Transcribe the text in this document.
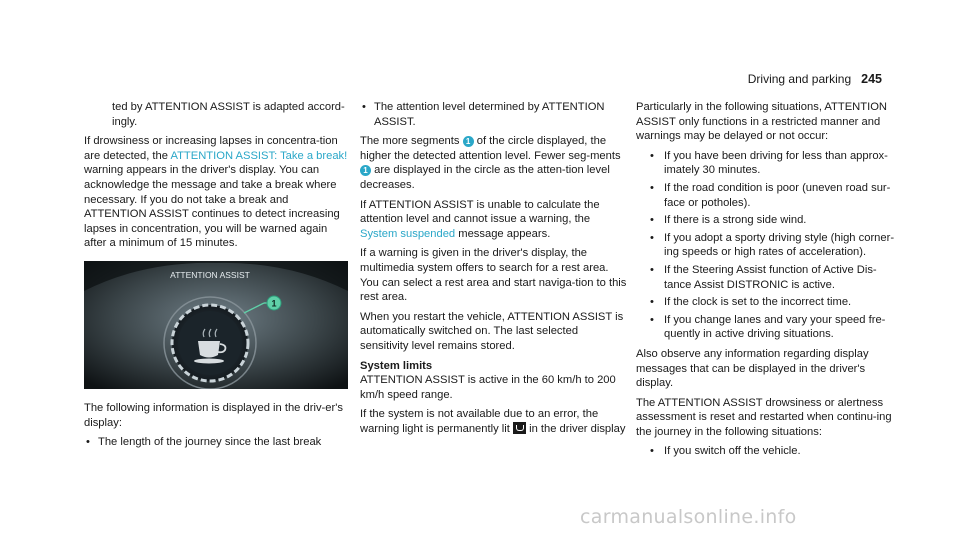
Driving and parking 245

ted by ATTENTION ASSIST is adapted accord-ingly.

If drowsiness or increasing lapses in concentra-tion are detected, the ATTENTION ASSIST: Take a break! warning appears in the driver's display. You can acknowledge the message and take a break where necessary. If you do not take a break and ATTENTION ASSIST continues to detect increasing lapses in concentration, you will be warned again after a minimum of 15 minutes.

ATTENTION ASSIST
1

The following information is displayed in the driv-er's display:

• The length of the journey since the last break
• The attention level determined by ATTENTION ASSIST.

The more segments 1 of the circle displayed, the higher the detected attention level. Fewer seg-ments 1 are displayed in the circle as the atten-tion level decreases.

If ATTENTION ASSIST is unable to calculate the attention level and cannot issue a warning, the System suspended message appears.

If a warning is given in the driver's display, the multimedia system offers to search for a rest area. You can select a rest area and start naviga-tion to this rest area.

When you restart the vehicle, ATTENTION ASSIST is automatically switched on. The last selected sensitivity level remains stored.

System limits

ATTENTION ASSIST is active in the 60 km/h to 200 km/h speed range.

If the system is not available due to an error, the warning light is permanently lit  in the driver display

Particularly in the following situations, ATTENTION ASSIST only functions in a restricted manner and warnings may be delayed or not occur:

• If you have been driving for less than approx-imately 30 minutes.
• If the road condition is poor (uneven road sur-face or potholes).
• If there is a strong side wind.
• If you adopt a sporty driving style (high corner-ing speeds or high rates of acceleration).
• If the Steering Assist function of Active Dis-tance Assist DISTRONIC is active.
• If the clock is set to the incorrect time.
• If you change lanes and vary your speed fre-quently in active driving situations.

Also observe any information regarding display messages that can be displayed in the driver's display.

The ATTENTION ASSIST drowsiness or alertness assessment is reset and restarted when continu-ing the journey in the following situations:

• If you switch off the vehicle.
carmanualsonline.info
